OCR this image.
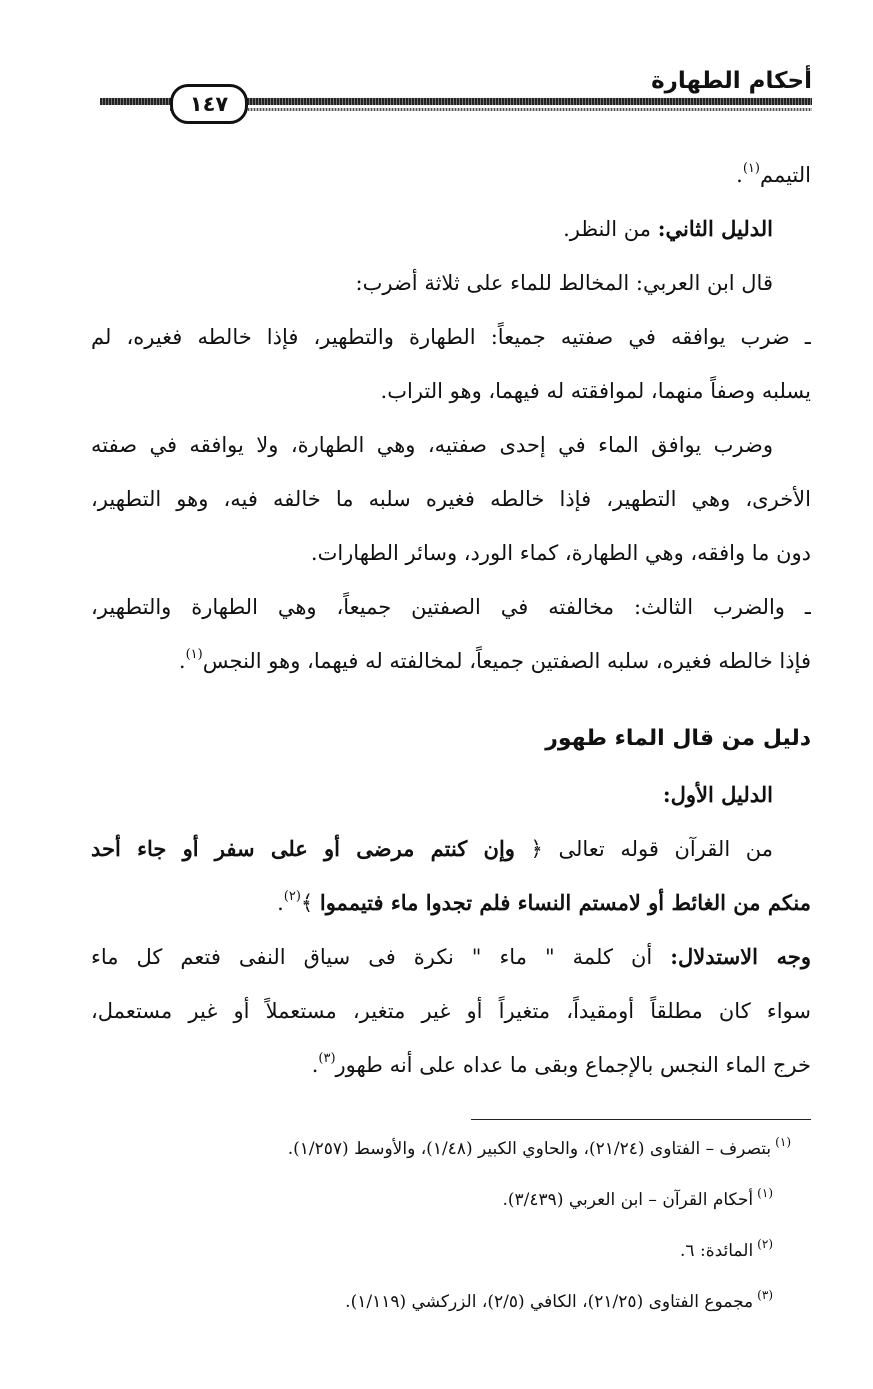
أحكام الطهارة
١٤٧
التيمم$^{(١)}$.
الدليل الثاني: من النظر.
قال ابن العربي: المخالط للماء على ثلاثة أضرب:
ـ ضرب يوافقه في صفتيه جميعاً: الطهارة والتطهير، فإذا خالطه فغيره، لم
يسلبه وصفاً منهما، لموافقته له فيهما، وهو التراب.
وضرب يوافق الماء في إحدى صفتيه، وهي الطهارة، ولا يوافقه في صفته
الأخرى، وهي التطهير، فإذا خالطه فغيره سلبه ما خالفه فيه، وهو التطهير،
دون ما وافقه، وهي الطهارة، كماء الورد، وسائر الطهارات.
ـ والضرب الثالث: مخالفته في الصفتين جميعاً، وهي الطهارة والتطهير،
فإذا خالطه فغيره، سلبه الصفتين جميعاً، لمخالفته له فيهما، وهو النجس$^{(١)}$.
دليل من قال الماء طهور
الدليل الأول:
من القرآن قوله تعالى ﴿ وإن كنتم مرضى أو على سفر أو جاء أحد
منكم من الغائط أو لامستم النساء فلم تجدوا ماء فتيمموا ﴾$^{(٢)}$.
وجه الاستدلال: أن كلمة " ماء " نكرة فى سياق النفى فتعم كل ماء
سواء كان مطلقاً أومقيداً، متغيراً أو غير متغير، مستعملاً أو غير مستعمل،
خرج الماء النجس بالإجماع وبقى ما عداه على أنه طهور$^{(٣)}$.
$^{(١)}$بتصرف – الفتاوى (٢١/٢٤)، والحاوي الكبير (١/٤٨)، والأوسط (١/٢٥٧).
$^{(١)}$أحكام القرآن – ابن العربي (٣/٤٣٩).
$^{(٢)}$المائدة: ٦.
$^{(٣)}$مجموع الفتاوى (٢١/٢٥)، الكافي (٢/٥)، الزركشي (١/١١٩).
